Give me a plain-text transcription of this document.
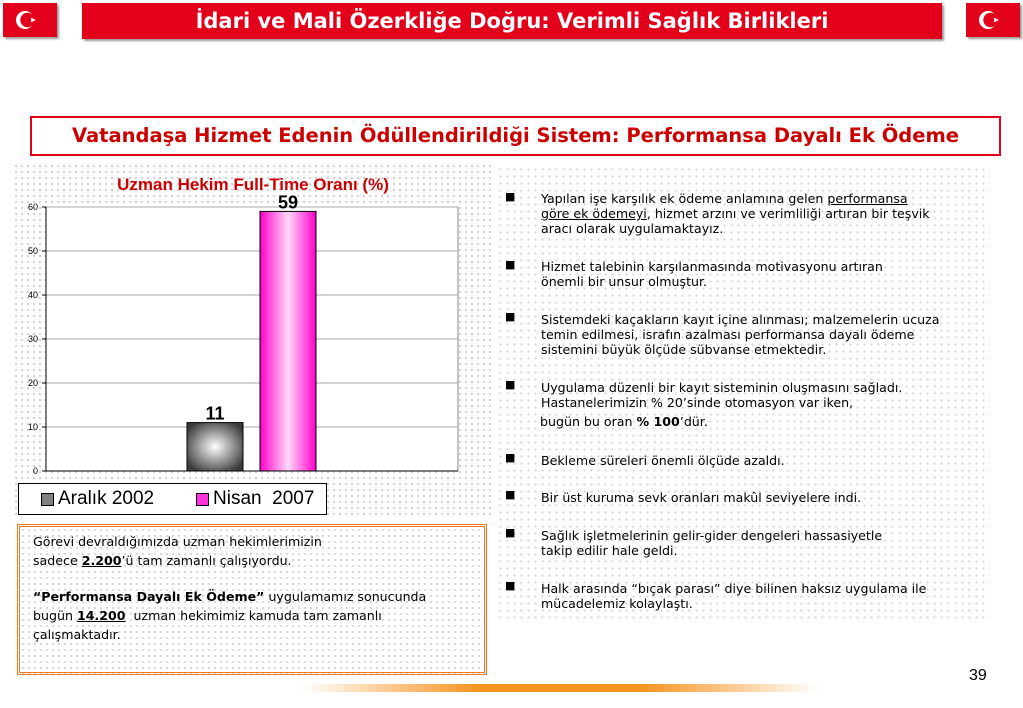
İdari ve Mali Özerkliğe Doğru: Verimli Sağlık Birlikleri
Vatandaşa Hizmet Edenin Ödüllendirildiği Sistem: Performansa Dayalı Ek Ödeme
0
10
20
30
40
50
60
11
59
Uzman Hekim Full-Time Oranı (%)
Aralık 2002	Nisan  2007
■ Yapılan işe karşılık ek ödeme anlamına gelen performansa
göre ek ödemeyi, hizmet arzını ve verimliliği artıran bir teşvik
aracı olarak uygulamaktayız.
■ Hizmet talebinin karşılanmasında motivasyonu artıran
önemli bir unsur olmuştur.
■ Sistemdeki kaçakların kayıt içine alınması; malzemelerin ucuza
temin edilmesi, israfın azalması performansa dayalı ödeme
sistemini büyük ölçüde sübvanse etmektedir.
■ Uygulama düzenli bir kayıt sisteminin oluşmasını sağladı.
Hastanelerimizin % 20’sinde otomasyon var iken,
bugün bu oran % 100’dür.
■ Bekleme süreleri önemli ölçüde azaldı.
■ Bir üst kuruma sevk oranları makûl seviyelere indi.
■ Sağlık işletmelerinin gelir-gider dengeleri hassasiyetle
takip edilir hale geldi.
■ Halk arasında “bıçak parası” diye bilinen haksız uygulama ile
mücadelemiz kolaylaştı.
Görevi devraldığımızda uzman hekimlerimizin
sadece 2.200’ü tam zamanlı çalışıyordu.
“Performansa Dayalı Ek Ödeme” uygulamamız sonucunda
bugün 14.200  uzman hekimimiz kamuda tam zamanlı
çalışmaktadır.
39
